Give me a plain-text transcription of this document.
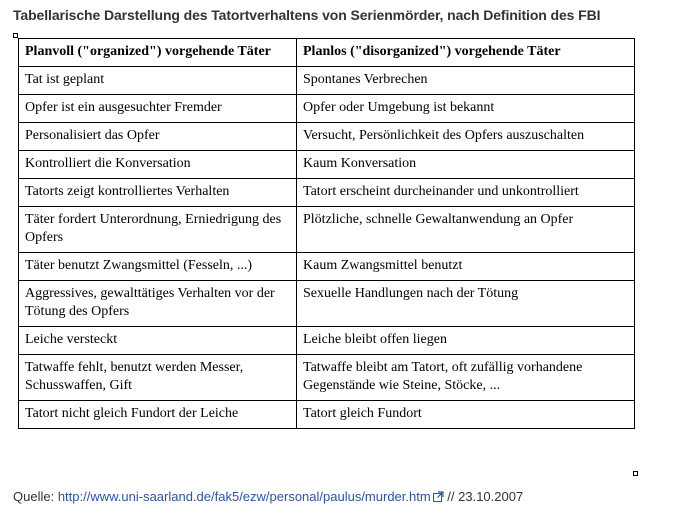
Tabellarische Darstellung des Tatortverhaltens von Serienmörder, nach Definition des FBI
Planvoll ("organized") vorgehende Täter	Planlos ("disorganized") vorgehende Täter
Tat ist geplant	Spontanes Verbrechen
Opfer ist ein ausgesuchter Fremder	Opfer oder Umgebung ist bekannt
Personalisiert das Opfer	Versucht, Persönlichkeit des Opfers auszuschalten
Kontrolliert die Konversation	Kaum Konversation
Tatorts zeigt kontrolliertes Verhalten	Tatort erscheint durcheinander und unkontrolliert
Täter fordert Unterordnung, Erniedrigung des Opfers	Plötzliche, schnelle Gewaltanwendung an Opfer
Täter benutzt Zwangsmittel (Fesseln, ...)	Kaum Zwangsmittel benutzt
Aggressives, gewalttätiges Verhalten vor der Tötung des Opfers	Sexuelle Handlungen nach der Tötung
Leiche versteckt	Leiche bleibt offen liegen
Tatwaffe fehlt, benutzt werden Messer, Schusswaffen, Gift	Tatwaffe bleibt am Tatort, oft zufällig vorhandene Gegenstände wie Steine, Stöcke, ...
Tatort nicht gleich Fundort der Leiche	Tatort gleich Fundort
Quelle: http://www.uni-saarland.de/fak5/ezw/personal/paulus/murder.htm // 23.10.2007
